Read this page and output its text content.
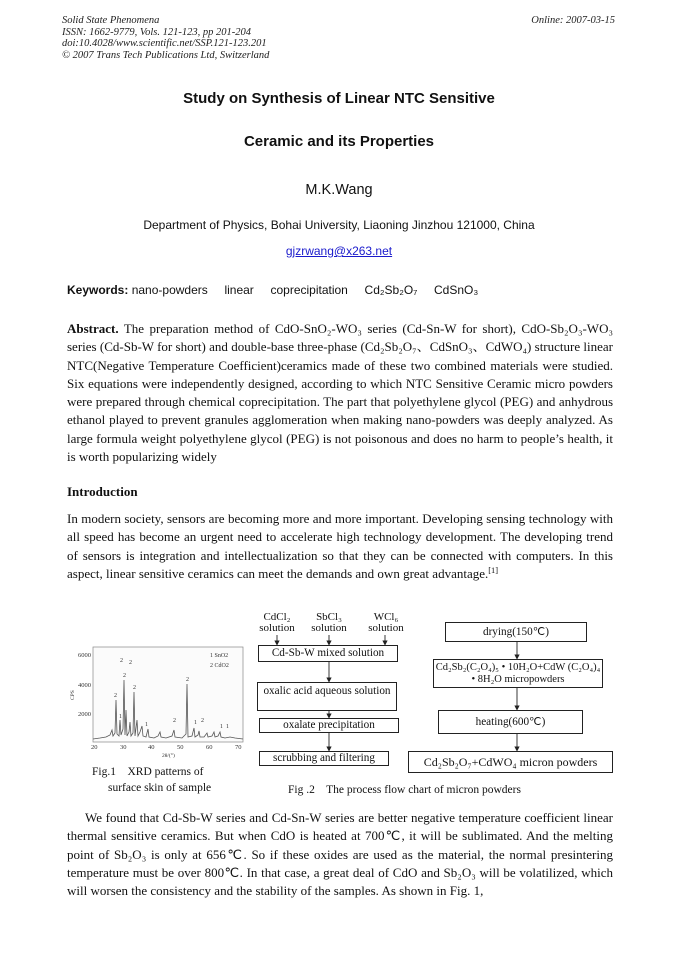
Solid State Phenomena
ISSN: 1662-9779, Vols. 121-123, pp 201-204
doi:10.4028/www.scientific.net/SSP.121-123.201
© 2007 Trans Tech Publications Ltd, Switzerland
Online: 2007-03-15
Study on Synthesis of Linear NTC Sensitive
Ceramic and its Properties
M.K.Wang
Department of Physics, Bohai University, Liaoning Jinzhou 121000, China
gjzrwang@x263.net
Keywords: nano-powders linear coprecipitation Cd₂Sb₂O₇ CdSnO₃
Abstract. The preparation method of CdO-SnO₂-WO₃ series (Cd-Sn-W for short), CdO-Sb₂O₃-WO₃ series (Cd-Sb-W for short) and double-base three-phase (Cd₂Sb₂O₇、CdSnO₃、CdWO₄) structure linear NTC(Negative Temperature Coefficient)ceramics made of these two combined materials were studied. Six equations were independently designed, according to which NTC Sensitive Ceramic micro powders were prepared through chemical coprecipitation. The part that polyethylene glycol (PEG) and anhydrous ethanol played to prevent granules agglomeration when making nano-powders was deeply analyzed. As large formula weight polyethylene glycol (PEG) is not poisonous and does no harm to people’s health, it is worth popularizing widely
Introduction
In modern society, sensors are becoming more and more important. Developing sensing technology with all speed has become an urgent need to accelerate high technology development. The developing trend of sensors is integration and intellectualization so that they can be connected with computers. In this aspect, linear sensitive ceramics can meet the demands and own great advantage.[1]
6000
4000
2000
20	30	40	50	60	70
2θ/(°)
CPS
1 SnO2
2 CdO2
2
2
2
1
2
2
1
2
2
1 2
1 1
Fig.1    XRD patterns of
surface skin of sample
CdCl₂
solution
SbCl₃
solution
WCl₆
solution
Cd-Sb-W mixed solution
oxalic acid aqueous solution
oxalate precipitation
scrubbing and filtering
drying(150℃)
Cd₂Sb₂(C₂O₄)₅ • 10H₂O+CdW (C₂O₄)₄ • 8H₂O micropowders
heating(600℃)
Cd₂Sb₂O₇+CdWO₄ micron powders
Fig .2    The process flow chart of micron powders
We found that Cd-Sb-W series and Cd-Sn-W series are better negative temperature coefficient linear thermal sensitive ceramics. But when CdO is heated at 700℃, it will be sublimated. And the melting point of Sb₂O₃ is only at 656℃. So if these oxides are used as the material, the normal presintering temperature must be over 800℃. In that case, a great deal of CdO and Sb₂O₃ will be volatilized, which will worsen the consistency and the stability of the samples. As shown in Fig. 1,
